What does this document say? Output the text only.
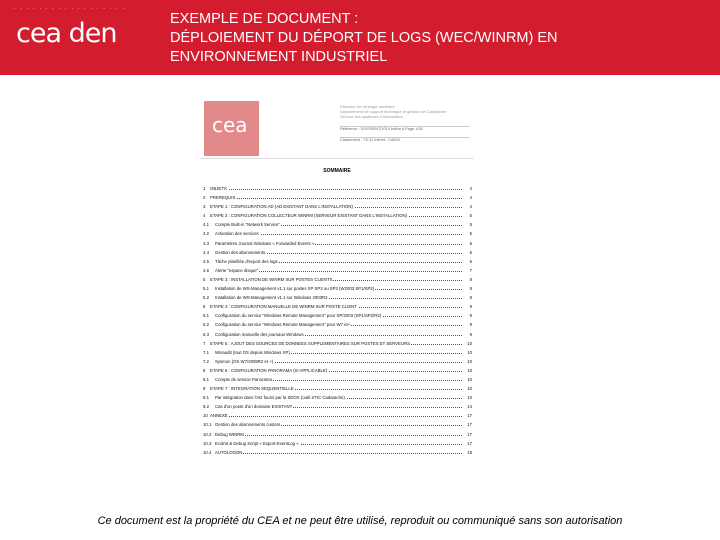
· · · · · · · · · · · · · · · · · ·
cea den	EXEMPLE DE DOCUMENT :
DÉPLOIEMENT DU DÉPORT DE LOGS (WEC/WINRM) EN
ENVIRONNEMENT INDUSTRIEL
cea
Direction de l'énergie nucléaire
Département de support technique et gestion de Cadarache
Service des systèmes d'information
Référence : DSI/SSI/NT/2014 Indice A Page 1/18
Classement : TS 41 Intérêt : CADSI
SOMMAIRE
1 OBJETS	4
2 PREREQUIS	4
3 ETAPE 1 : CONFIGURATION AD (AD EXISTANT DANS L'INSTALLATION)	4
4 ETAPE 2 : CONFIGURATION COLLECTEUR WINRM (SERVEUR EXISTANT DANS L'INSTALLATION)	5
4.1 Compte Built-in "Network Service"	5
4.2 Activation des services	5
4.3 Paramètres Journal Windows « Forwarded Events »	6
4.4 Gestion des abonnements	6
4.5 Tâche planifiée d'export des logs	6
4.6 Alerte "espace disque"	7
5 ETAPE 3 : INSTALLATION DE WINRM SUR POSTES CLIENTS	8
5.1 Installation de WS-Management v1.1 sur postes XP SP3 ou SP3 (W2003 SP1/SP2)	8
5.2 Installation de WS-Management v1.1 sur Windows 2003R2	8
6 ETAPE 4 : CONFIGURATION MANUELLE DE WINRM SUR POSTE CLIENT	9
6.1 Configuration du service "Windows Remote Management" pour XP/2003 (SP1/SP2/R2)	9
6.2 Configuration du service "Windows Remote Management" pour W7 et+	9
6.3 Configuration manuelle des journaux Windows	9
7 ETAPE 5 : AJOUT DES SOURCES DE DONNEES SUPPLEMENTAIRES SUR POSTES ET SERVEURS	10
7.1 Winaudit (tout OS depuis Windows XP)	10
7.2 Sysmon (OS W7/2008R2 et +)	10
8 ETAPE 6 : CONFIGURATION PANORAMA (SI APPLICABLE)	10
8.1 Compte de service Panorama	10
9 ETAPE 7 : INTEGRATION SEQUENTIELLE	10
9.1 Par intégration dans l'AD fourni par la SDOX (outil STIC Cadarache)	10
9.2 Cas d'un poste d'un domaine EXISTANT	14
10 ANNEXE	17
10.1 Gestion des abonnements custom	17
10.2 Debug WINRM	17
10.3 Ecolmt & Debug Script « Export-EventLog »	17
10.4 AUTOLOGON	18
Ce document est la propriété du CEA et ne peut être utilisé, reproduit ou communiqué sans son autorisation
